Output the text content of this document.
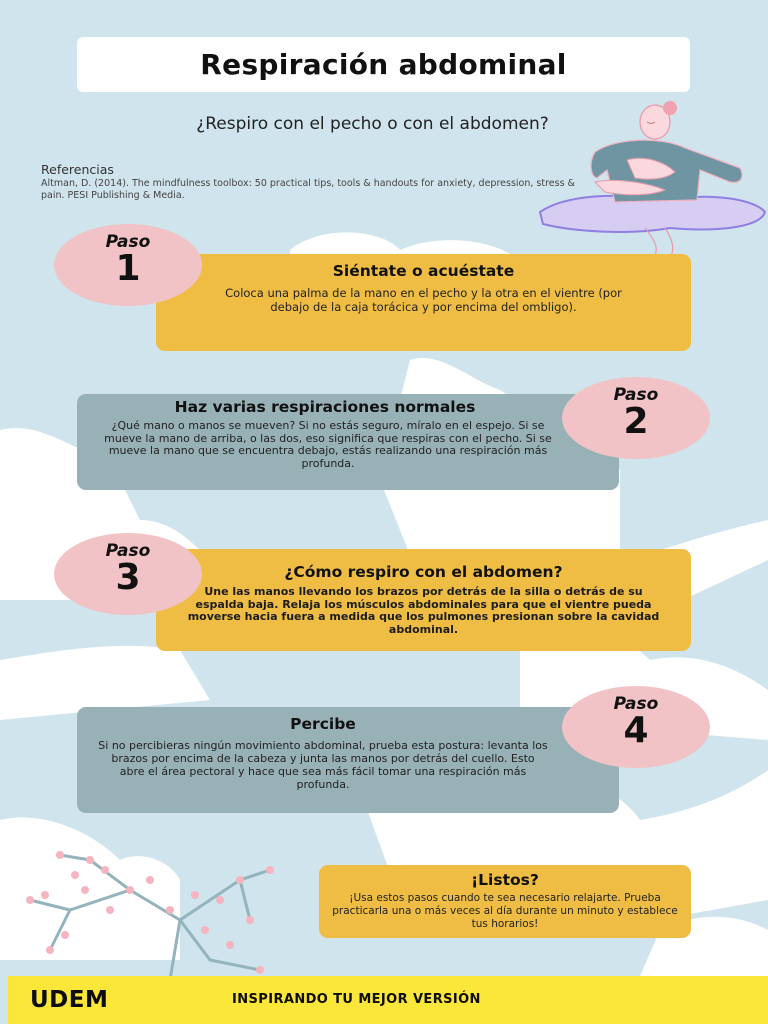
Respiración abdominal
¿Respiro con el pecho o con el abdomen?
Referencias
Altman, D. (2014). The mindfulness toolbox: 50 practical tips, tools & handouts for anxiety, depression, stress & pain. PESI Publishing & Media.
Siéntate o acuéstate
Coloca una palma de la mano en el pecho y la otra en el vientre (por debajo de la caja torácica y por encima del ombligo).
Paso
1
Haz varias respiraciones normales
¿Qué mano o manos se mueven? Si no estás seguro, míralo en el espejo. Si se mueve la mano de arriba, o las dos, eso significa que respiras con el pecho. Si se mueve la mano que se encuentra debajo, estás realizando una respiración más profunda.
Paso
2
¿Cómo respiro con el abdomen?
Une las manos llevando los brazos por detrás de la silla o detrás de su espalda baja. Relaja los músculos abdominales para que el vientre pueda moverse hacia fuera a medida que los pulmones presionan sobre la cavidad abdominal.
Paso
3
Percibe
Si no percibieras ningún movimiento abdominal, prueba esta postura: levanta los brazos por encima de la cabeza y junta las manos por detrás del cuello. Esto abre el área pectoral y hace que sea más fácil tomar una respiración más profunda.
Paso
4
¡Listos?
¡Usa estos pasos cuando te sea necesario relajarte. Prueba practicarla una o más veces al día durante un minuto y establece tus horarios!
UDEM	INSPIRANDO TU MEJOR VERSIÓN
